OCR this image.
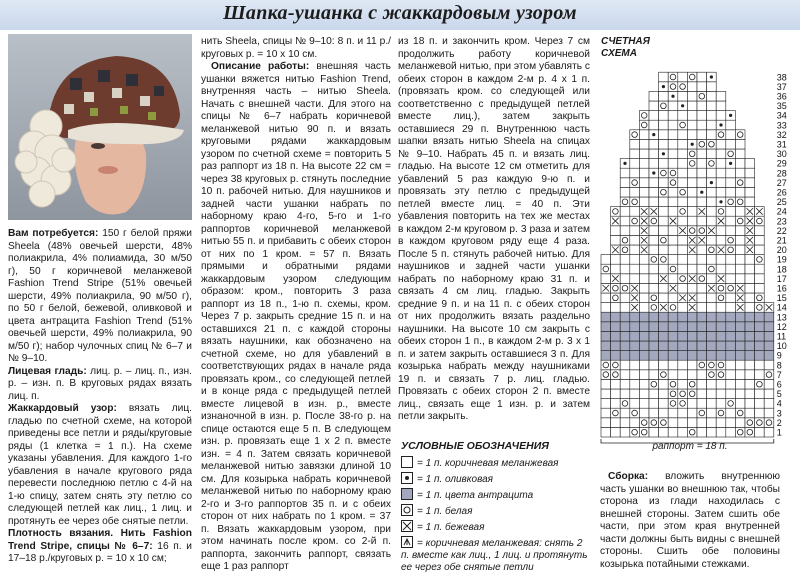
Шапка-ушанка с жаккардовым узором

Вам потребуется: 150 г белой пряжи Sheela (48% овечьей шерсти, 48% полиакрила, 4% полиамида, 30 м/50 г), 50 г коричневой меланжевой Fashion Trend Stripe (51% овечьей шерсти, 49% полиакрила, 90 м/50 г), по 50 г белой, бежевой, оливковой и цвета антрацита Fashion Trend (51% овечьей шерсти, 49% полиакрила, 90 м/50 г); набор чулочных спиц № 6–7 и № 9–10.

Лицевая гладь: лиц. р. – лиц. п., изн. р. – изн. п. В круговых рядах вязать лиц. п.

Жаккардовый узор: вязать лиц. гладью по счетной схеме, на которой приведены все петли и ряды/круговые ряды (1 клетка = 1 п.). На схеме указаны убавления. Для каждого 1-го убавления в начале кругового ряда перевести последнюю петлю с 4-й на 1-ю спицу, затем снять эту петлю со следующей петлей как лиц., 1 лиц. и протянуть ее через обе снятые петли.

Плотность вязания. Нить Fashion Trend Stripe, спицы № 6–7: 16 п. и 17–18 р./круговых р. = 10 х 10 см;

нить Sheela, спицы № 9–10: 8 п. и 11 р./круговых р. = 10 х 10 см.

Описание работы: внешняя часть ушанки вяжется нитью Fashion Trend, внутренняя часть – нитью Sheela. Начать с внешней части. Для этого на спицы № 6–7 набрать коричневой меланжевой нитью 90 п. и вязать круговыми рядами жаккардовым узором по счетной схеме = повторить 5 раз раппорт из 18 п. На высоте 22 см = через 38 круговых р. стянуть последние 10 п. рабочей нитью. Для наушников и задней части ушанки набрать по наборному краю 4-го, 5-го и 1-го раппортов коричневой меланжевой нитью 55 п. и прибавить с обеих сторон от них по 1 кром. = 57 п. Вязать прямыми и обратными рядами жаккардовым узором следующим образом: кром., повторить 3 раза раппорт из 18 п., 1-ю п. схемы, кром. Через 7 р. закрыть средние 15 п. и на оставшихся 21 п. с каждой стороны вязать наушники, как обозначено на счетной схеме, но для убавлений в соответствующих рядах в начале ряда провязать кром., со следующей петлей и в конце ряда с предыдущей петлей вместе лицевой в изн. р., вместе изнаночной в изн. р. После 38-го р. на спице остаются еще 5 п. В следующем изн. р. провязать еще 1 х 2 п. вместе изн. = 4 п. Затем связать коричневой меланжевой нитью завязки длиной 10 см. Для козырька набрать коричневой меланжевой нитью по наборному краю 2-го и 3-го раппортов 35 п. и с обеих сторон от них набрать по 1 кром. = 37 п. Вязать жаккардовым узором, при этом начинать после кром. со 2-й п. раппорта, закончить раппорт, связать еще 1 раз раппорт

из 18 п. и закончить кром. Через 7 см продолжить работу коричневой меланжевой нитью, при этом убавлять с обеих сторон в каждом 2-м р. 4 х 1 п. (провязать кром. со следующей или соответственно с предыдущей петлей вместе лиц.), затем закрыть оставшиеся 29 п. Внутреннюю часть шапки вязать нитью Sheela на спицах № 9–10. Набрать 45 п. и вязать лиц. гладью. На высоте 12 см отметить для убавлений 5 раз каждую 9-ю п. и провязать эту петлю с предыдущей петлей вместе лиц. = 40 п. Эти убавления повторить на тех же местах в каждом 2-м круговом р. 3 раза и затем в каждом круговом ряду еще 4 раза. После 5 п. стянуть рабочей нитью. Для наушников и задней части ушанки набрать по наборному краю 31 п. и связать 4 см лиц. гладью. Закрыть средние 9 п. и на 11 п. с обеих сторон от них продолжить вязать раздельно наушники. На высоте 10 см закрыть с обеих сторон 1 п., в каждом 2-м р. 3 х 1 п. и затем закрыть оставшиеся 3 п. Для козырька набрать между наушниками 19 п. и связать 7 р. лиц. гладью. Провязать с обеих сторон 2 п. вместе лиц., связать еще 1 изн. р. и затем петли закрыть.

УСЛОВНЫЕ ОБОЗНАЧЕНИЯ
= 1 п. коричневая меланжевая
= 1 п. оливковая
= 1 п. цвета антрацита
= 1 п. белая
= 1 п. бежевая
= коричневая меланжевая: снять 2 п. вместе как лиц., 1 лиц. и протянуть ее через обе снятые петли
СЧЕТНАЯ
СХЕМА
1
2
3
4
5
6
7
8
9
10
11
12
13
14
15
16
17
18
19
20
21
22
23
24
25
26
27
28
29
30
31
32
33
34
35
36
37
38
раппорт = 18 п.

Сборка: вложить внутреннюю часть ушанки во внешнюю так, чтобы сторона из глади находилась с внешней стороны. Затем сшить обе части, при этом края внутренней части должны быть видны с внешней стороны. Сшить обе половины козырька потайными стежками.
